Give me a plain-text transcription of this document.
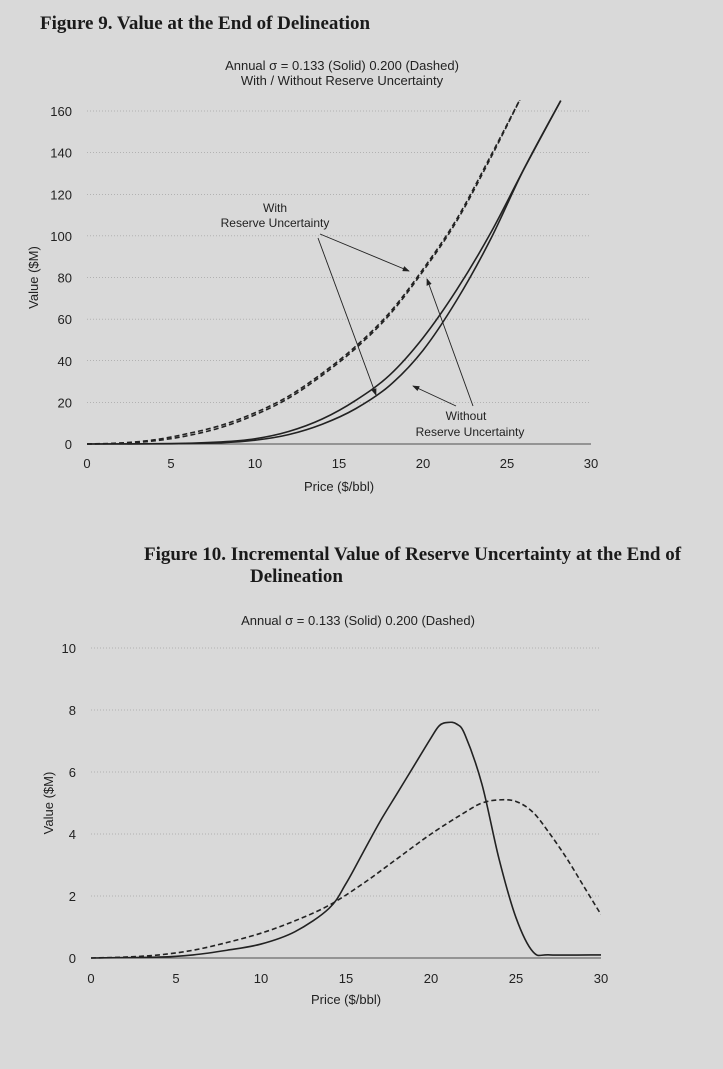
Figure 9. Value at the End of Delineation
Annual σ = 0.133 (Solid) 0.200 (Dashed)
With / Without Reserve Uncertainty
0
20
40
60
80
100
120
140
160
0	5	10	15	20	25	30
Price ($/bbl)
Value ($M)
With
Reserve Uncertainty
Without
Reserve Uncertainty
Figure 10. Incremental Value of Reserve Uncertainty at the End of
Delineation
Annual σ = 0.133 (Solid) 0.200 (Dashed)
0
2
4
6
8
10
0	5	10	15	20	25	30
Price ($/bbl)
Value ($M)
